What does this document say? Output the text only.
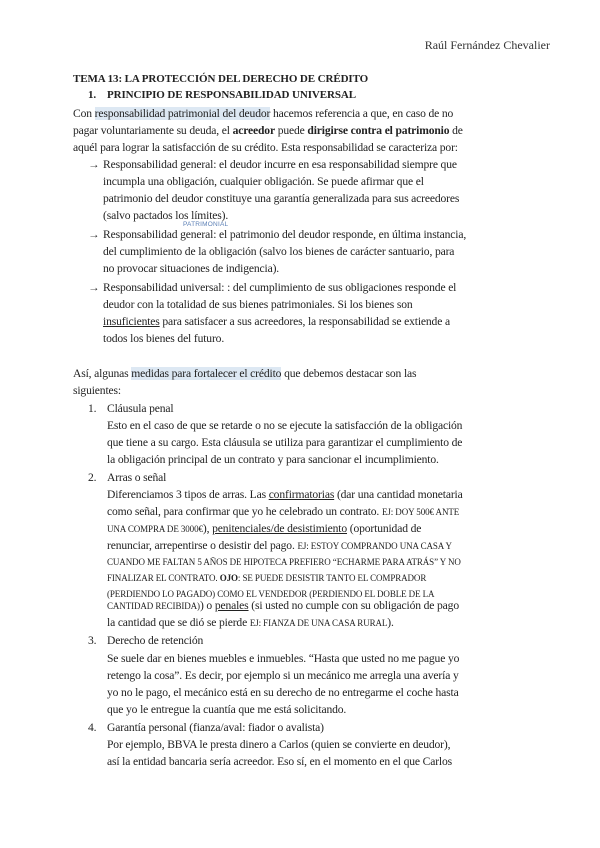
Raúl Fernández Chevalier
TEMA 13: LA PROTECCIÓN DEL DERECHO DE CRÉDITO
1. PRINCIPIO DE RESPONSABILIDAD UNIVERSAL
Con responsabilidad patrimonial del deudor hacemos referencia a que, en caso de no
pagar voluntariamente su deuda, el acreedor puede dirigirse contra el patrimonio de
aquél para lograr la satisfacción de su crédito. Esta responsabilidad se caracteriza por:
→ Responsabilidad general: el deudor incurre en esa responsabilidad siempre que
incumpla una obligación, cualquier obligación. Se puede afirmar que el
patrimonio del deudor constituye una garantía generalizada para sus acreedores
(salvo pactados los límites).
PATRIMONIAL
→ Responsabilidad general: el patrimonio del deudor responde, en última instancia,
del cumplimiento de la obligación (salvo los bienes de carácter santuario, para
no provocar situaciones de indigencia).
→ Responsabilidad universal: : del cumplimiento de sus obligaciones responde el
deudor con la totalidad de sus bienes patrimoniales. Si los bienes son
insuficientes para satisfacer a sus acreedores, la responsabilidad se extiende a
todos los bienes del futuro.
Así, algunas medidas para fortalecer el crédito que debemos destacar son las
siguientes:
1. Cláusula penal
Esto en el caso de que se retarde o no se ejecute la satisfacción de la obligación
que tiene a su cargo. Esta cláusula se utiliza para garantizar el cumplimiento de
la obligación principal de un contrato y para sancionar el incumplimiento.
2. Arras o señal
Diferenciamos 3 tipos de arras. Las confirmatorias (dar una cantidad monetaria
como señal, para confirmar que yo he celebrado un contrato. EJ: DOY 500€ ANTE
UNA COMPRA DE 3000€), penitenciales/de desistimiento (oportunidad de
renunciar, arrepentirse o desistir del pago. EJ: ESTOY COMPRANDO UNA CASA Y
CUANDO ME FALTAN 5 AÑOS DE HIPOTECA PREFIERO “ECHARME PARA ATRÁS” Y NO
FINALIZAR EL CONTRATO. OJO: SE PUEDE DESISTIR TANTO EL COMPRADOR
(PERDIENDO LO PAGADO) COMO EL VENDEDOR (PERDIENDO EL DOBLE DE LA
CANTIDAD RECIBIDA)) o penales (si usted no cumple con su obligación de pago
la cantidad que se dió se pierde EJ: FIANZA DE UNA CASA RURAL).
3. Derecho de retención
Se suele dar en bienes muebles e inmuebles. “Hasta que usted no me pague yo
retengo la cosa”. Es decir, por ejemplo si un mecánico me arregla una avería y
yo no le pago, el mecánico está en su derecho de no entregarme el coche hasta
que yo le entregue la cuantía que me está solicitando.
4. Garantía personal (fianza/aval: fiador o avalista)
Por ejemplo, BBVA le presta dinero a Carlos (quien se convierte en deudor),
así la entidad bancaria sería acreedor. Eso sí, en el momento en el que Carlos
